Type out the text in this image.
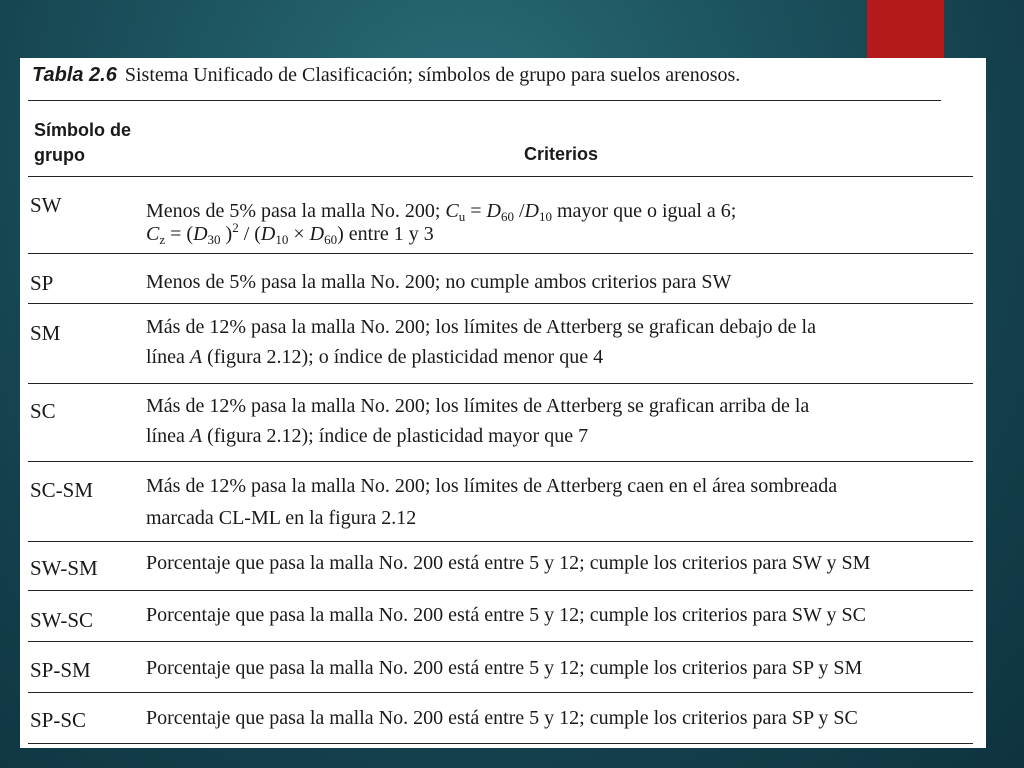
Tabla 2.6 Sistema Unificado de Clasificación; símbolos de grupo para suelos arenosos.
Símbolo de grupo	Criterios
SW	Menos de 5% pasa la malla No. 200; $C_u = D_{60}$ $/D_{10}$ mayor que o igual a 6;
$C_z = (D_{30}$ )$^2 / (D_{10} \times D_{60})$ entre 1 y 3
SP	Menos de 5% pasa la malla No. 200; no cumple ambos criterios para SW
SM	Más de 12% pasa la malla No. 200; los límites de Atterberg se grafican debajo de la
línea A (figura 2.12); o índice de plasticidad menor que 4
SC	Más de 12% pasa la malla No. 200; los límites de Atterberg se grafican arriba de la
línea A (figura 2.12); índice de plasticidad mayor que 7
SC-SM	Más de 12% pasa la malla No. 200; los límites de Atterberg caen en el área sombreada
marcada CL-ML en la figura 2.12
SW-SM Porcentaje que pasa la malla No. 200 está entre 5 y 12; cumple los criterios para SW y SM
SW-SC	Porcentaje que pasa la malla No. 200 está entre 5 y 12; cumple los criterios para SW y SC
SP-SM	Porcentaje que pasa la malla No. 200 está entre 5 y 12; cumple los criterios para SP y SM
SP-SC	Porcentaje que pasa la malla No. 200 está entre 5 y 12; cumple los criterios para SP y SC
